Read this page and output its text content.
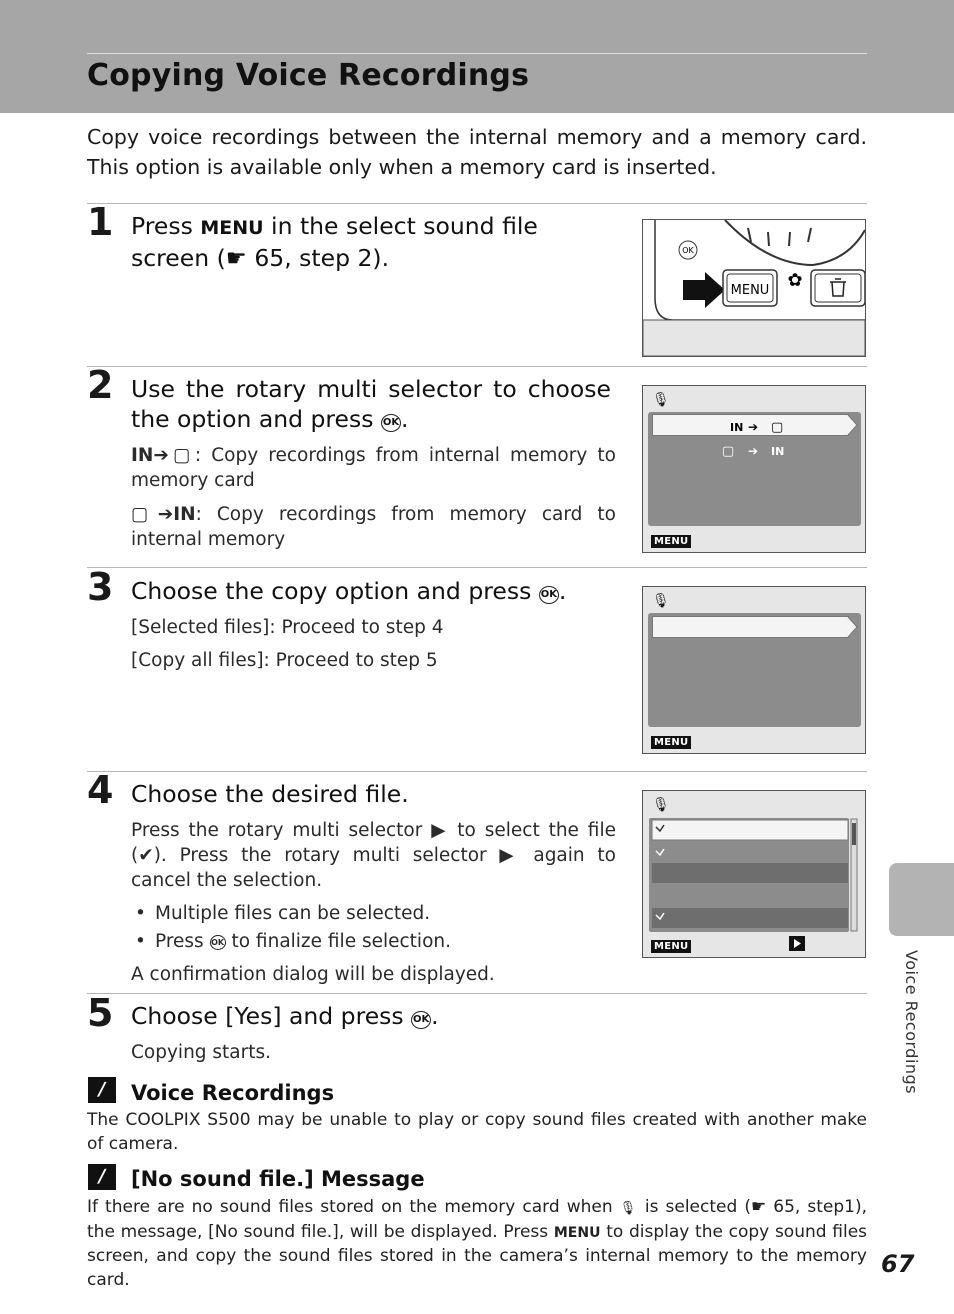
Copying Voice Recordings
Copy voice recordings between the internal memory and a memory card. This option is available only when a memory card is inserted.
1 Press MENU in the select sound file screen (☛ 65, step 2).	OK
MENU ✿
2 Use the rotary multi selector to choose the option and press OK.
IN➔▢: Copy recordings from internal memory to memory card
▢➔IN: Copy recordings from memory card to internal memory
🎙
IN ➔ ▢
▢ ➔ IN
MENU
3 Choose the copy option and press OK.
[Selected files]: Proceed to step 4
[Copy all files]: Proceed to step 5
🎙
MENU
4 Choose the desired file.
Press the rotary multi selector ▶ to select the file (✔). Press the rotary multi selector ▶ again to cancel the selection.
• Multiple files can be selected.
• Press OK to finalize file selection.
A confirmation dialog will be displayed.
🎙
MENU
5 Choose [Yes] and press OK.
Copying starts.
∕	Voice Recordings
The COOLPIX S500 may be unable to play or copy sound files created with another make of camera.
∕	[No sound file.] Message
If there are no sound files stored on the memory card when 🎙 is selected (☛ 65, step1), the message, [No sound file.], will be displayed. Press MENU to display the copy sound files screen, and copy the sound files stored in the camera’s internal memory to the memory card.
Voice Recordings
67
